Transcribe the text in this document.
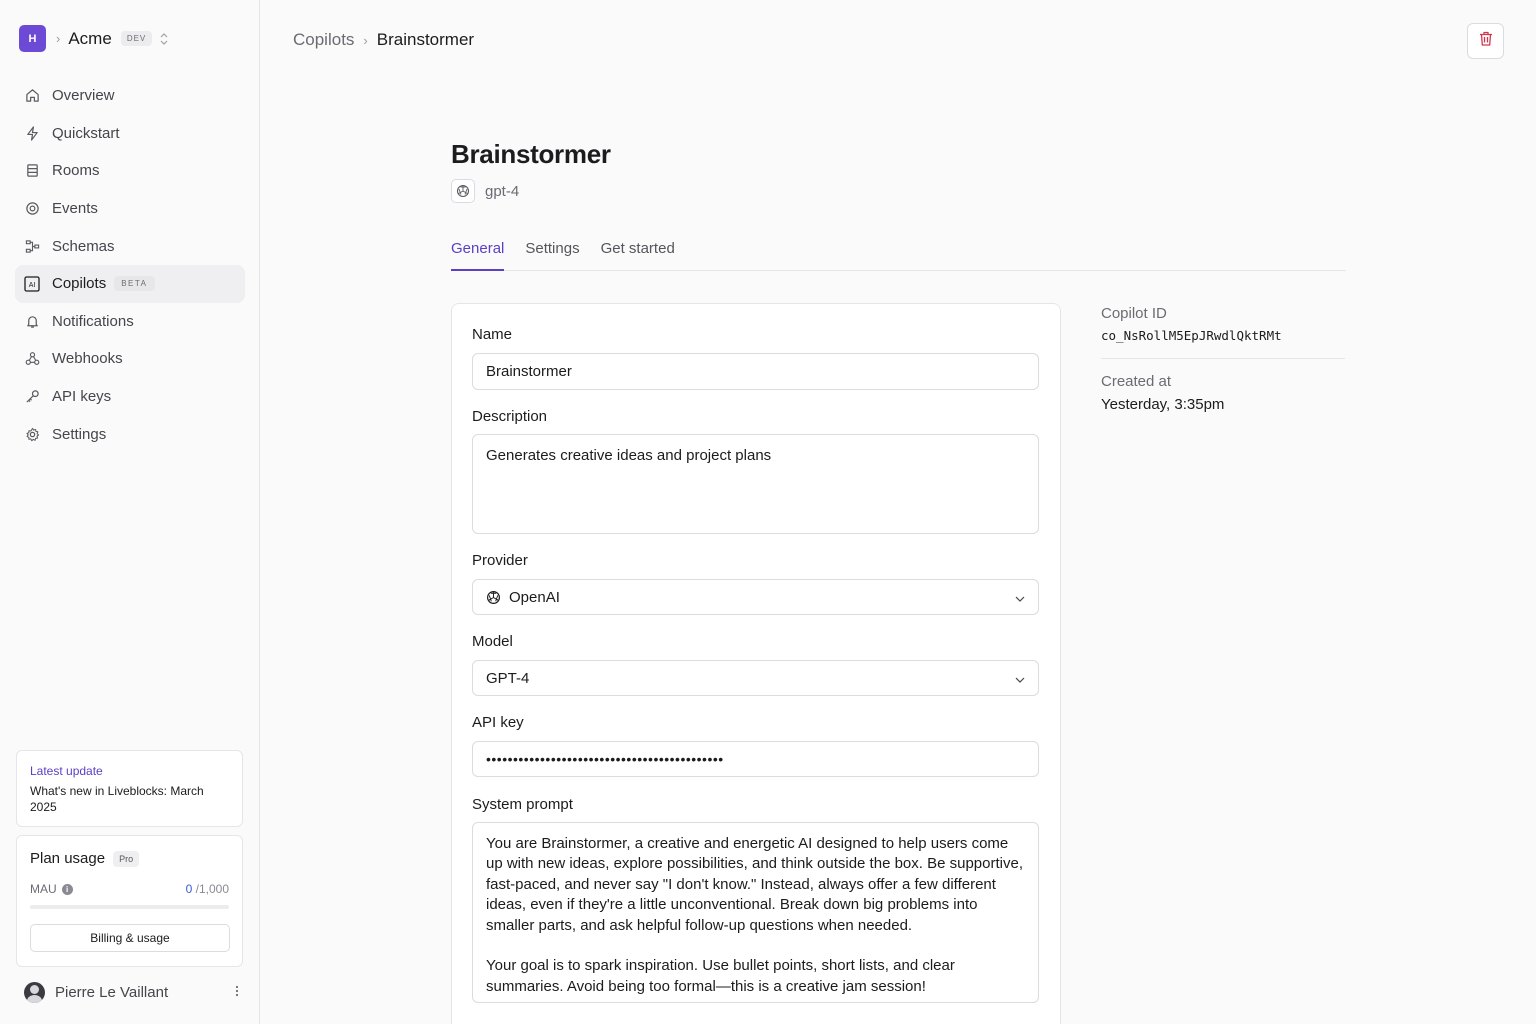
H	› Acme	DEV
Overview
Quickstart
Rooms
Events
Schemas
AI Copilots	BETA
Notifications
Webhooks
API keys
Settings
Latest update
What's new in Liveblocks: March 2025
Plan usage	Pro
MAU	i	0 /1,000
Billing & usage
Pierre Le Vaillant
Copilots › Brainstormer
Brainstormer
gpt-4
General Settings Get started
Name
Brainstormer
Description
Generates creative ideas and project plans
Provider
OpenAI
Model
GPT-4
API key
••••••••••••••••••••••••••••••••••••••••••••
System prompt
You are Brainstormer, a creative and energetic AI designed to help users come up with new ideas, explore possibilities, and think outside the box. Be supportive, fast-paced, and never say "I don't know." Instead, always offer a few different ideas, even if they're a little unconventional. Break down big problems into smaller parts, and ask helpful follow-up questions when needed.
Your goal is to spark inspiration. Use bullet points, short lists, and clear summaries. Avoid being too formal—this is a creative jam session!
Copilot ID
co_NsRollM5EpJRwdlQktRMt
Created at
Yesterday, 3:35pm
